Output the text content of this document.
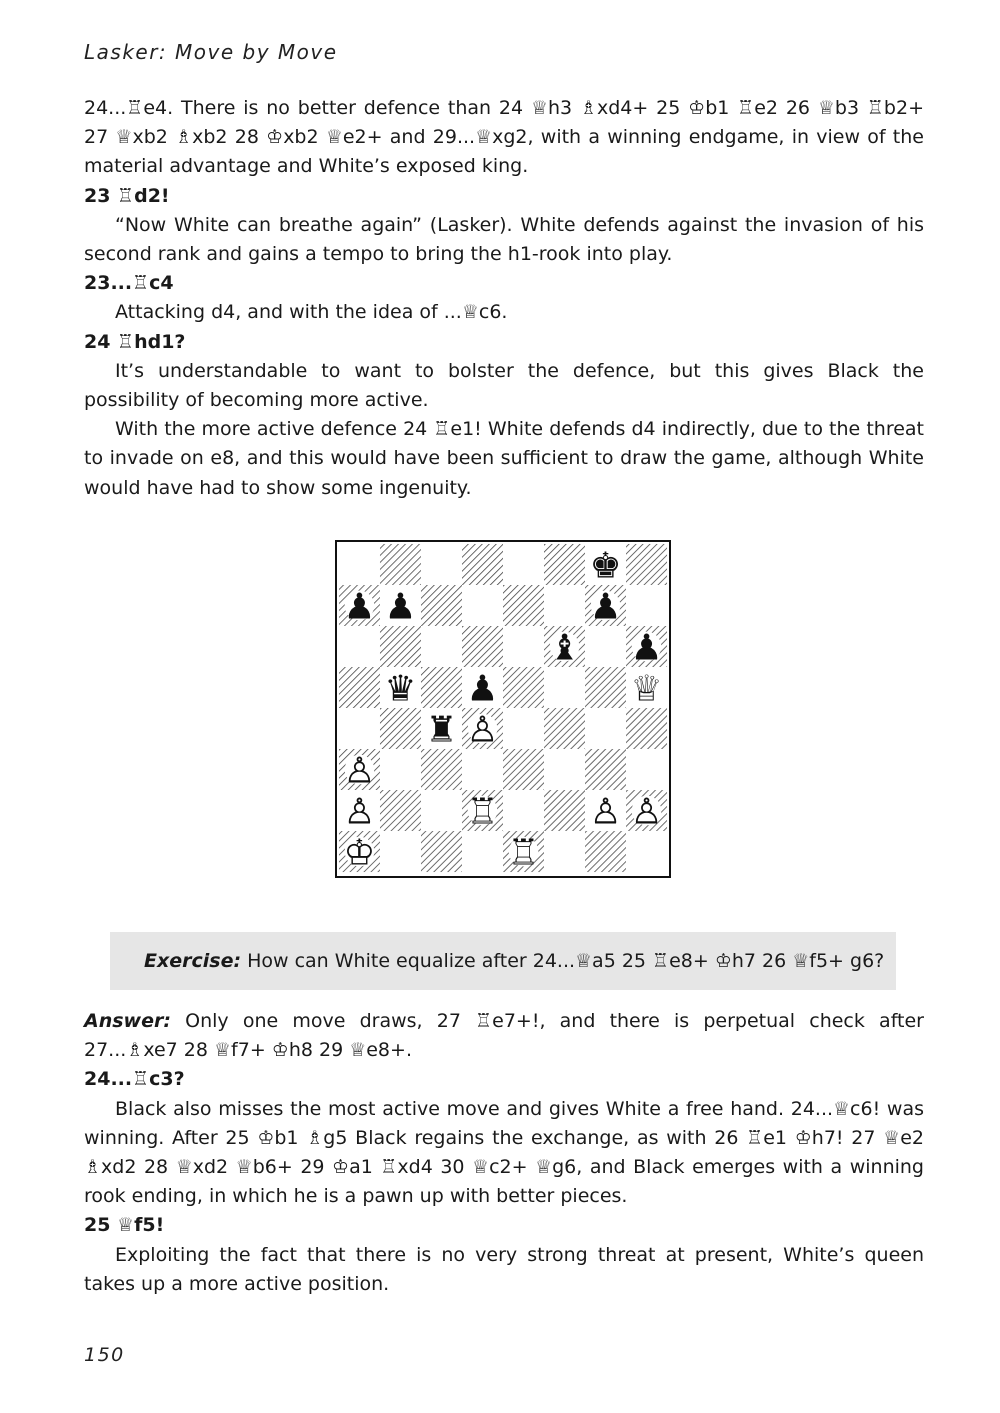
Lasker: Move by Move

24...♖e4. There is no better defence than 24 ♕h3 ♗xd4+ 25 ♔b1 ♖e2 26 ♕b3 ♖b2+ 27 ♕xb2 ♗xb2 28 ♔xb2 ♕e2+ and 29...♕xg2, with a winning endgame, in view of the material advantage and White’s exposed king.

23 ♖d2!

“Now White can breathe again” (Lasker). White defends against the invasion of his second rank and gains a tempo to bring the h1-rook into play.

23...♖c4

Attacking d4, and with the idea of ...♕c6.

24 ♖hd1?

It’s understandable to want to bolster the defence, but this gives Black the possibility of becoming more active.

With the more active defence 24 ♖e1! White defends d4 indirectly, due to the threat to invade on e8, and this would have been sufficient to draw the game, although White would have had to show some ingenuity.

♚
♟ ♟	♟
♝ ♟
♛ ♟	♕
♜ ♙
♙
♙	♖	♙ ♙
♔	♖
Exercise: How can White equalize after 24...♕a5 25 ♖e8+ ♔h7 26 ♕f5+ g6?

Answer: Only one move draws, 27 ♖e7+!, and there is perpetual check after 27...♗xe7 28 ♕f7+ ♔h8 29 ♕e8+.

24...♖c3?

Black also misses the most active move and gives White a free hand. 24...♕c6! was winning. After 25 ♔b1 ♗g5 Black regains the exchange, as with 26 ♖e1 ♔h7! 27 ♕e2 ♗xd2 28 ♕xd2 ♕b6+ 29 ♔a1 ♖xd4 30 ♕c2+ ♕g6, and Black emerges with a winning rook ending, in which he is a pawn up with better pieces.

25 ♕f5!

Exploiting the fact that there is no very strong threat at present, White’s queen takes up a more active position.

150
